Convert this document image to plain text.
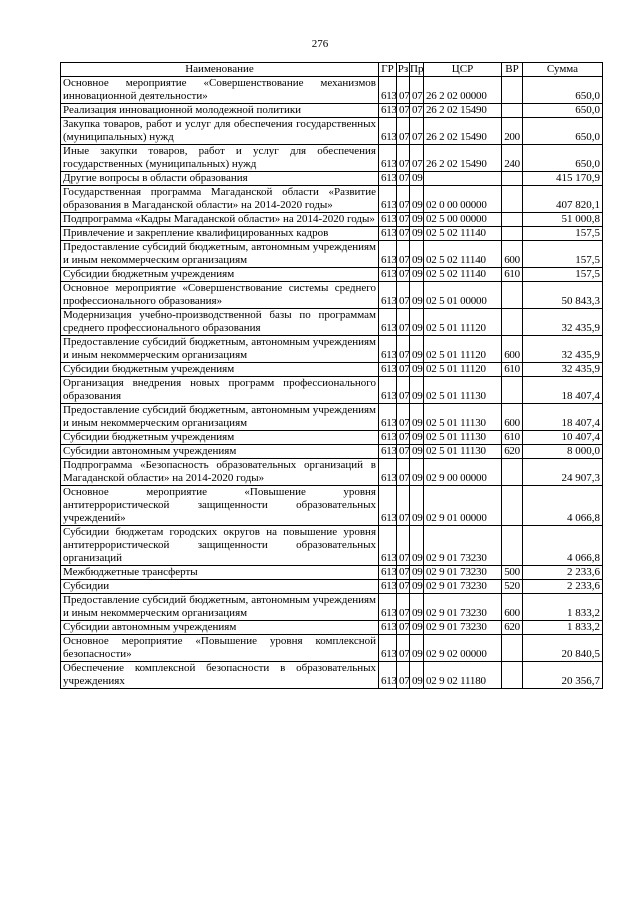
276
Наименование	ГР	Рз	Пр	ЦСР	ВР	Сумма
Основное мероприятие «Совершенствование механизмов инновационной деятельности»	613	07	07	26 2 02 00000		650,0
Реализация инновационной молодежной политики	613	07	07	26 2 02 15490		650,0
Закупка товаров, работ и услуг для обеспечения государственных (муниципальных) нужд	613	07	07	26 2 02 15490	200	650,0
Иные закупки товаров, работ и услуг для обеспечения государственных (муниципальных) нужд	613	07	07	26 2 02 15490	240	650,0
Другие вопросы в области образования	613	07	09			415 170,9
Государственная программа Магаданской области «Развитие образования в Магаданской области» на 2014-2020 годы»	613	07	09	02 0 00 00000		407 820,1
Подпрограмма «Кадры Магаданской области» на 2014-2020 годы»	613	07	09	02 5 00 00000		51 000,8
Привлечение и закрепление квалифицированных кадров	613	07	09	02 5 02 11140		157,5
Предоставление субсидий бюджетным, автономным учреждениям и иным некоммерческим организациям	613	07	09	02 5 02 11140	600	157,5
Субсидии бюджетным учреждениям	613	07	09	02 5 02 11140	610	157,5
Основное мероприятие «Совершенствование системы среднего профессионального образования»	613	07	09	02 5 01 00000		50 843,3
Модернизация учебно-производственной базы по программам среднего профессионального образования	613	07	09	02 5 01 11120		32 435,9
Предоставление субсидий бюджетным, автономным учреждениям и иным некоммерческим организациям	613	07	09	02 5 01 11120	600	32 435,9
Субсидии бюджетным учреждениям	613	07	09	02 5 01 11120	610	32 435,9
Организация внедрения новых программ профессионального образования	613	07	09	02 5 01 11130		18 407,4
Предоставление субсидий бюджетным, автономным учреждениям и иным некоммерческим организациям	613	07	09	02 5 01 11130	600	18 407,4
Субсидии бюджетным учреждениям	613	07	09	02 5 01 11130	610	10 407,4
Субсидии автономным учреждениям	613	07	09	02 5 01 11130	620	8 000,0
Подпрограмма «Безопасность образовательных организаций в Магаданской области» на 2014-2020 годы»	613	07	09	02 9 00 00000		24 907,3
Основное мероприятие «Повышение уровня антитеррористической защищенности образовательных учреждений»	613	07	09	02 9 01 00000		4 066,8
Субсидии бюджетам городских округов на повышение уровня антитеррористической защищенности образовательных организаций	613	07	09	02 9 01 73230		4 066,8
Межбюджетные трансферты	613	07	09	02 9 01 73230	500	2 233,6
Субсидии	613	07	09	02 9 01 73230	520	2 233,6
Предоставление субсидий бюджетным, автономным учреждениям и иным некоммерческим организациям	613	07	09	02 9 01 73230	600	1 833,2
Субсидии автономным учреждениям	613	07	09	02 9 01 73230	620	1 833,2
Основное мероприятие «Повышение уровня комплексной безопасности»	613	07	09	02 9 02 00000		20 840,5
Обеспечение комплексной безопасности в образовательных учреждениях	613	07	09	02 9 02 11180		20 356,7
